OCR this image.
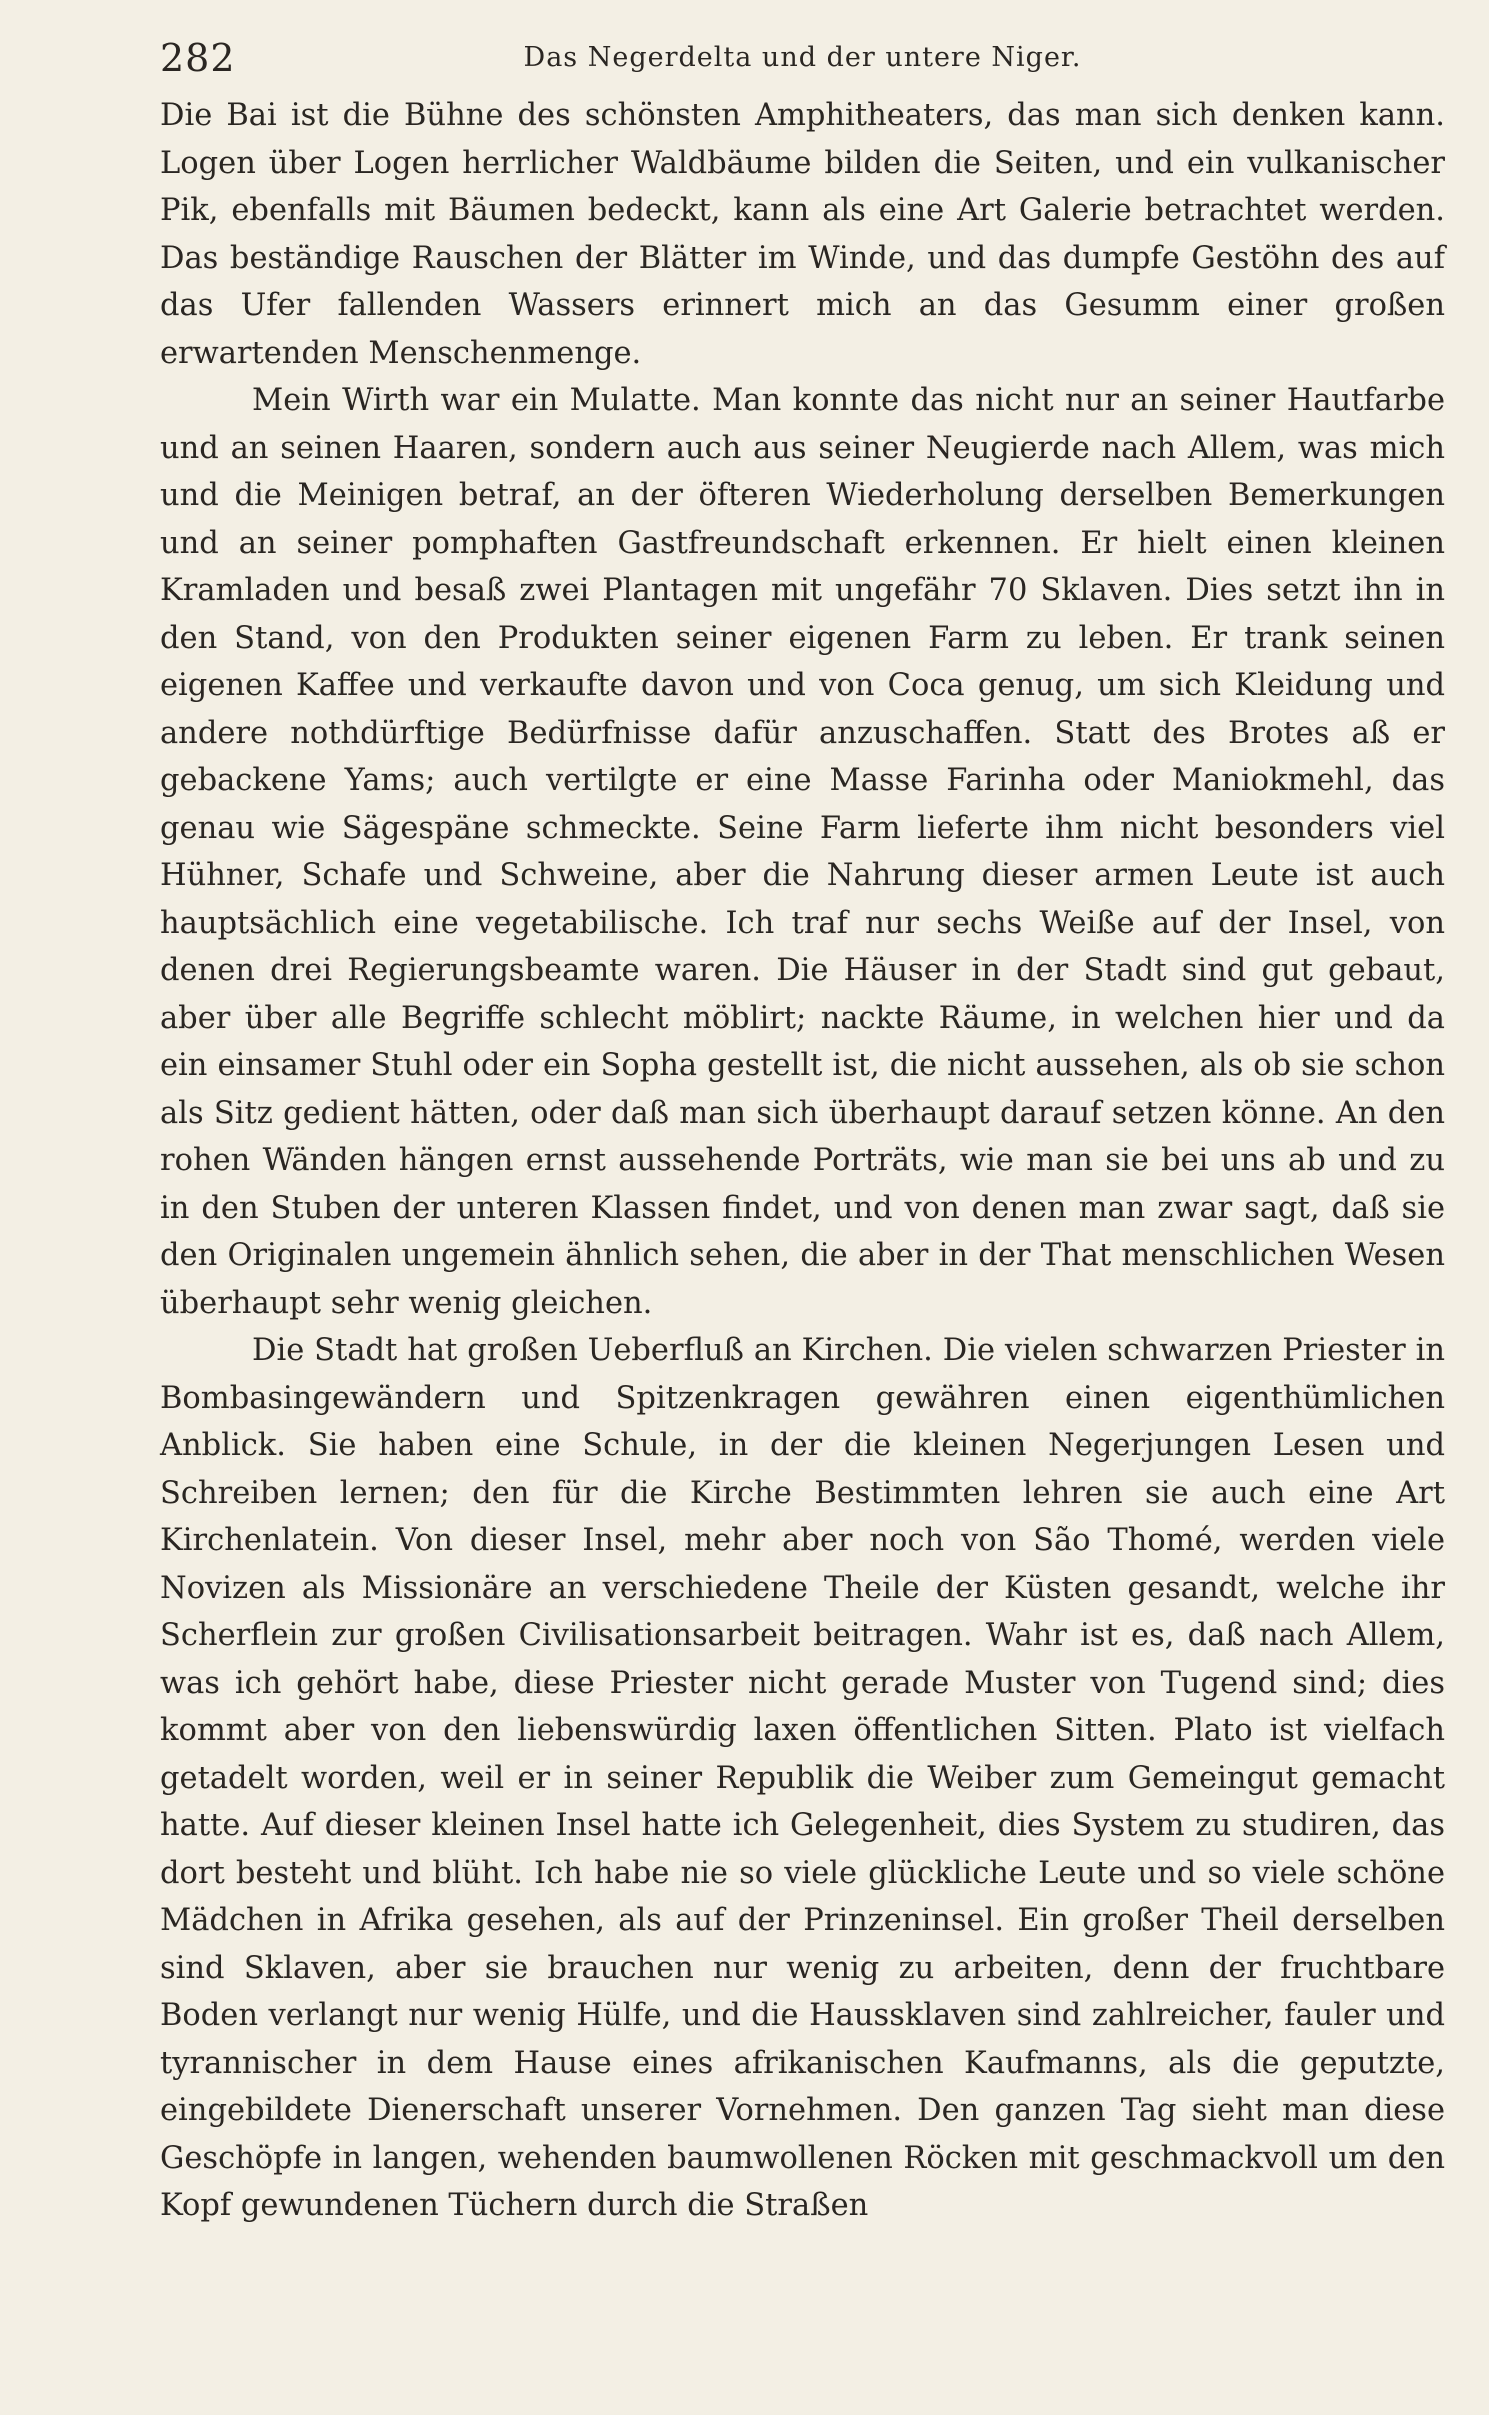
282	Das Negerdelta und der untere Niger.

Die Bai ist die Bühne des schönsten Amphitheaters, das man sich denken kann. Logen über Logen herrlicher Waldbäume bilden die Seiten, und ein vulkanischer Pik, ebenfalls mit Bäumen bedeckt, kann als eine Art Galerie betrachtet werden. Das beständige Rauschen der Blätter im Winde, und das dumpfe Gestöhn des auf das Ufer fallenden Wassers erinnert mich an das Gesumm einer großen erwartenden Menschenmenge.

Mein Wirth war ein Mulatte. Man konnte das nicht nur an seiner Hautfarbe und an seinen Haaren, sondern auch aus seiner Neugierde nach Allem, was mich und die Meinigen betraf, an der öfteren Wiederholung derselben Bemerkungen und an seiner pomphaften Gastfreundschaft erkennen. Er hielt einen kleinen Kramladen und besaß zwei Plantagen mit ungefähr 70 Sklaven. Dies setzt ihn in den Stand, von den Produkten seiner eigenen Farm zu leben. Er trank seinen eigenen Kaffee und verkaufte davon und von Coca genug, um sich Kleidung und andere nothdürftige Bedürfnisse dafür anzuschaffen. Statt des Brotes aß er gebackene Yams; auch vertilgte er eine Masse Farinha oder Maniokmehl, das genau wie Sägespäne schmeckte. Seine Farm lieferte ihm nicht besonders viel Hühner, Schafe und Schweine, aber die Nahrung dieser armen Leute ist auch hauptsächlich eine vegetabilische. Ich traf nur sechs Weiße auf der Insel, von denen drei Regierungsbeamte waren. Die Häuser in der Stadt sind gut gebaut, aber über alle Begriffe schlecht möblirt; nackte Räume, in welchen hier und da ein einsamer Stuhl oder ein Sopha gestellt ist, die nicht aussehen, als ob sie schon als Sitz gedient hätten, oder daß man sich überhaupt darauf setzen könne. An den rohen Wänden hängen ernst aussehende Porträts, wie man sie bei uns ab und zu in den Stuben der unteren Klassen findet, und von denen man zwar sagt, daß sie den Originalen ungemein ähnlich sehen, die aber in der That menschlichen Wesen überhaupt sehr wenig gleichen.

Die Stadt hat großen Ueberfluß an Kirchen. Die vielen schwarzen Priester in Bombasingewändern und Spitzenkragen gewähren einen eigenthümlichen Anblick. Sie haben eine Schule, in der die kleinen Negerjungen Lesen und Schreiben lernen; den für die Kirche Bestimmten lehren sie auch eine Art Kirchenlatein. Von dieser Insel, mehr aber noch von São Thomé, werden viele Novizen als Missionäre an verschiedene Theile der Küsten gesandt, welche ihr Scherflein zur großen Civilisationsarbeit beitragen. Wahr ist es, daß nach Allem, was ich gehört habe, diese Priester nicht gerade Muster von Tugend sind; dies kommt aber von den liebenswürdig laxen öffentlichen Sitten. Plato ist vielfach getadelt worden, weil er in seiner Republik die Weiber zum Gemeingut gemacht hatte. Auf dieser kleinen Insel hatte ich Gelegenheit, dies System zu studiren, das dort besteht und blüht. Ich habe nie so viele glückliche Leute und so viele schöne Mädchen in Afrika gesehen, als auf der Prinzeninsel. Ein großer Theil derselben sind Sklaven, aber sie brauchen nur wenig zu arbeiten, denn der fruchtbare Boden verlangt nur wenig Hülfe, und die Haussklaven sind zahlreicher, fauler und tyrannischer in dem Hause eines afrikanischen Kaufmanns, als die geputzte, eingebildete Dienerschaft unserer Vornehmen. Den ganzen Tag sieht man diese Geschöpfe in langen, wehenden baumwollenen Röcken mit geschmackvoll um den Kopf gewundenen Tüchern durch die Straßen
